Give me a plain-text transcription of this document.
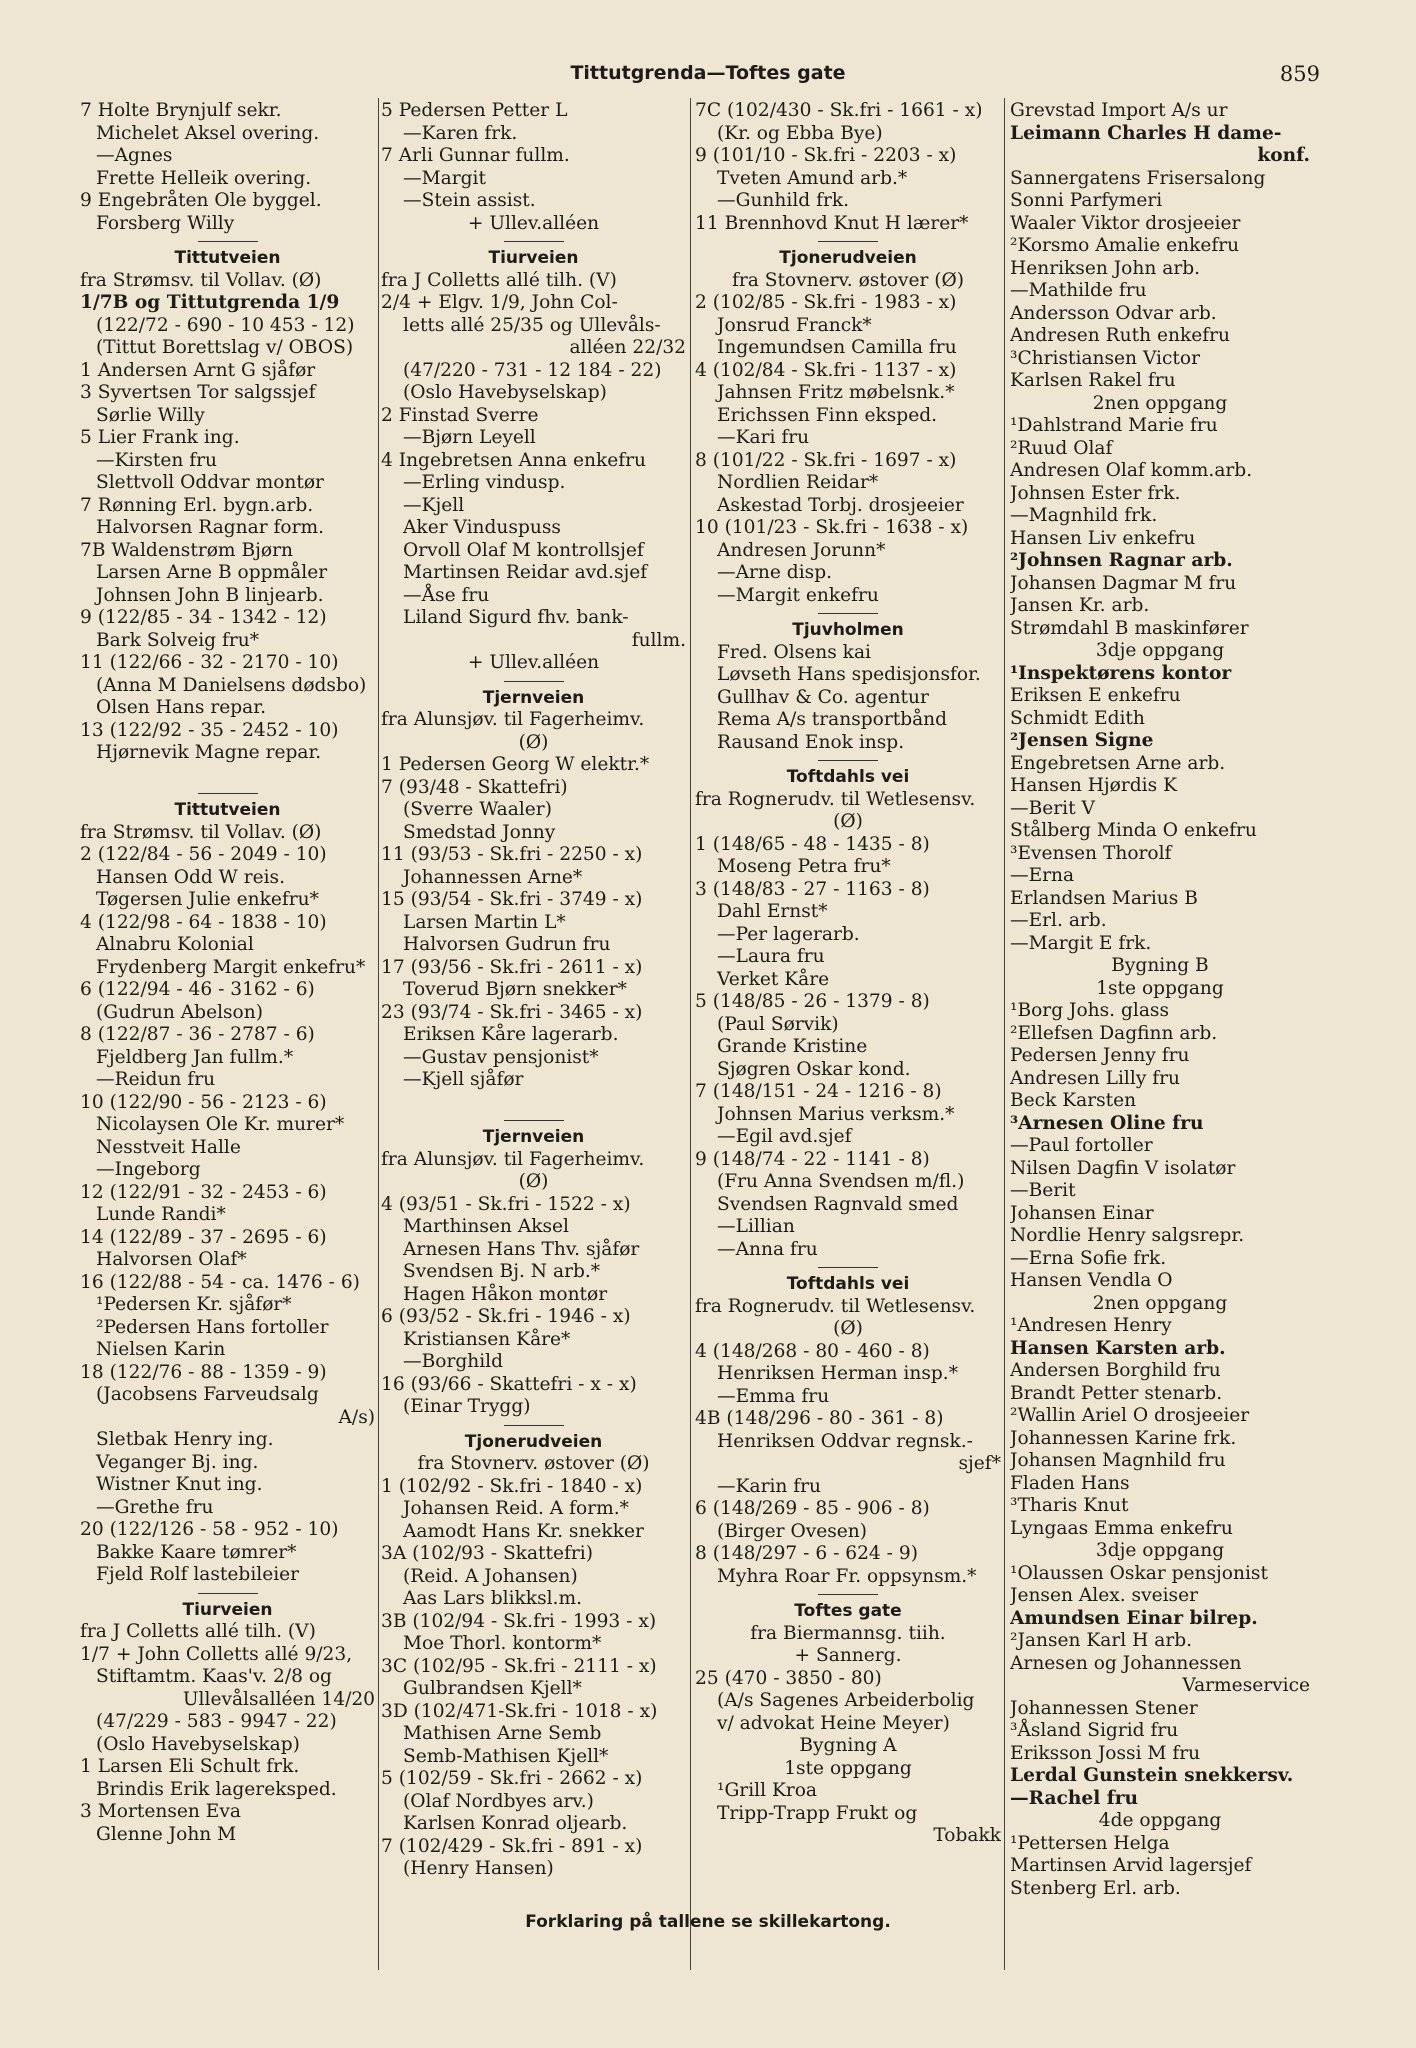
Tittutgrenda—Toftes gate	859
7 Holte Brynjulf sekr.
Michelet Aksel overing.
—Agnes
Frette Helleik overing.
9 Engebråten Ole byggel.
Forsberg Willy
Tittutveien
fra Strømsv. til Vollav. (Ø)
1/7B og Tittutgrenda 1/9
(122/72 - 690 - 10 453 - 12)
(Tittut Borettslag v/ OBOS)
1 Andersen Arnt G sjåfør
3 Syvertsen Tor salgssjef
Sørlie Willy
5 Lier Frank ing.
—Kirsten fru
Slettvoll Oddvar montør
7 Rønning Erl. bygn.arb.
Halvorsen Ragnar form.
7B Waldenstrøm Bjørn
Larsen Arne B oppmåler
Johnsen John B linjearb.
9 (122/85 - 34 - 1342 - 12)
Bark Solveig fru*
11 (122/66 - 32 - 2170 - 10)
(Anna M Danielsens dødsbo)
Olsen Hans repar.
13 (122/92 - 35 - 2452 - 10)
Hjørnevik Magne repar.
Tittutveien
fra Strømsv. til Vollav. (Ø)
2 (122/84 - 56 - 2049 - 10)
Hansen Odd W reis.
Tøgersen Julie enkefru*
4 (122/98 - 64 - 1838 - 10)
Alnabru Kolonial
Frydenberg Margit enkefru*
6 (122/94 - 46 - 3162 - 6)
(Gudrun Abelson)
8 (122/87 - 36 - 2787 - 6)
Fjeldberg Jan fullm.*
—Reidun fru
10 (122/90 - 56 - 2123 - 6)
Nicolaysen Ole Kr. murer*
Nesstveit Halle
—Ingeborg
12 (122/91 - 32 - 2453 - 6)
Lunde Randi*
14 (122/89 - 37 - 2695 - 6)
Halvorsen Olaf*
16 (122/88 - 54 - ca. 1476 - 6)
¹Pedersen Kr. sjåfør*
²Pedersen Hans fortoller
Nielsen Karin
18 (122/76 - 88 - 1359 - 9)
(Jacobsens Farveudsalg
A/s)
Sletbak Henry ing.
Veganger Bj. ing.
Wistner Knut ing.
—Grethe fru
20 (122/126 - 58 - 952 - 10)
Bakke Kaare tømrer*
Fjeld Rolf lastebileier
Tiurveien
fra J Colletts allé tilh. (V)
1/7 + John Colletts allé 9/23,
Stiftamtm. Kaas'v. 2/8 og
Ullevålsalléen 14/20
(47/229 - 583 - 9947 - 22)
(Oslo Havebyselskap)
1 Larsen Eli Schult frk.
Brindis Erik lagereksped.
3 Mortensen Eva
Glenne John M
5 Pedersen Petter L
—Karen frk.
7 Arli Gunnar fullm.
—Margit
—Stein assist.
+ Ullev.alléen
Tiurveien
fra J Colletts allé tilh. (V)
2/4 + Elgv. 1/9, John Col-
letts allé 25/35 og Ullevåls-
alléen 22/32
(47/220 - 731 - 12 184 - 22)
(Oslo Havebyselskap)
2 Finstad Sverre
—Bjørn Leyell
4 Ingebretsen Anna enkefru
—Erling vindusp.
—Kjell
Aker Vinduspuss
Orvoll Olaf M kontrollsjef
Martinsen Reidar avd.sjef
—Åse fru
Liland Sigurd fhv. bank-
fullm.
+ Ullev.alléen
Tjernveien
fra Alunsjøv. til Fagerheimv.
(Ø)
1 Pedersen Georg W elektr.*
7 (93/48 - Skattefri)
(Sverre Waaler)
Smedstad Jonny
11 (93/53 - Sk.fri - 2250 - x)
Johannessen Arne*
15 (93/54 - Sk.fri - 3749 - x)
Larsen Martin L*
Halvorsen Gudrun fru
17 (93/56 - Sk.fri - 2611 - x)
Toverud Bjørn snekker*
23 (93/74 - Sk.fri - 3465 - x)
Eriksen Kåre lagerarb.
—Gustav pensjonist*
—Kjell sjåfør
Tjernveien
fra Alunsjøv. til Fagerheimv.
(Ø)
4 (93/51 - Sk.fri - 1522 - x)
Marthinsen Aksel
Arnesen Hans Thv. sjåfør
Svendsen Bj. N arb.*
Hagen Håkon montør
6 (93/52 - Sk.fri - 1946 - x)
Kristiansen Kåre*
—Borghild
16 (93/66 - Skattefri - x - x)
(Einar Trygg)
Tjonerudveien
fra Stovnerv. østover (Ø)
1 (102/92 - Sk.fri - 1840 - x)
Johansen Reid. A form.*
Aamodt Hans Kr. snekker
3A (102/93 - Skattefri)
(Reid. A Johansen)
Aas Lars blikksl.m.
3B (102/94 - Sk.fri - 1993 - x)
Moe Thorl. kontorm*
3C (102/95 - Sk.fri - 2111 - x)
Gulbrandsen Kjell*
3D (102/471-Sk.fri - 1018 - x)
Mathisen Arne Semb
Semb-Mathisen Kjell*
5 (102/59 - Sk.fri - 2662 - x)
(Olaf Nordbyes arv.)
Karlsen Konrad oljearb.
7 (102/429 - Sk.fri - 891 - x)
(Henry Hansen)
7C (102/430 - Sk.fri - 1661 - x)
(Kr. og Ebba Bye)
9 (101/10 - Sk.fri - 2203 - x)
Tveten Amund arb.*
—Gunhild frk.
11 Brennhovd Knut H lærer*
Tjonerudveien
fra Stovnerv. østover (Ø)
2 (102/85 - Sk.fri - 1983 - x)
Jonsrud Franck*
Ingemundsen Camilla fru
4 (102/84 - Sk.fri - 1137 - x)
Jahnsen Fritz møbelsnk.*
Erichssen Finn eksped.
—Kari fru
8 (101/22 - Sk.fri - 1697 - x)
Nordlien Reidar*
Askestad Torbj. drosjeeier
10 (101/23 - Sk.fri - 1638 - x)
Andresen Jorunn*
—Arne disp.
—Margit enkefru
Tjuvholmen
Fred. Olsens kai
Løvseth Hans spedisjonsfor.
Gullhav & Co. agentur
Rema A/s transportbånd
Rausand Enok insp.
Toftdahls vei
fra Rognerudv. til Wetlesensv.
(Ø)
1 (148/65 - 48 - 1435 - 8)
Moseng Petra fru*
3 (148/83 - 27 - 1163 - 8)
Dahl Ernst*
—Per lagerarb.
—Laura fru
Verket Kåre
5 (148/85 - 26 - 1379 - 8)
(Paul Sørvik)
Grande Kristine
Sjøgren Oskar kond.
7 (148/151 - 24 - 1216 - 8)
Johnsen Marius verksm.*
—Egil avd.sjef
9 (148/74 - 22 - 1141 - 8)
(Fru Anna Svendsen m/fl.)
Svendsen Ragnvald smed
—Lillian
—Anna fru
Toftdahls vei
fra Rognerudv. til Wetlesensv.
(Ø)
4 (148/268 - 80 - 460 - 8)
Henriksen Herman insp.*
—Emma fru
4B (148/296 - 80 - 361 - 8)
Henriksen Oddvar regnsk.-
sjef*
—Karin fru
6 (148/269 - 85 - 906 - 8)
(Birger Ovesen)
8 (148/297 - 6 - 624 - 9)
Myhra Roar Fr. oppsynsm.*
Toftes gate
fra Biermannsg. tiih.
+ Sannerg.
25 (470 - 3850 - 80)
(A/s Sagenes Arbeiderbolig
v/ advokat Heine Meyer)
Bygning A
1ste oppgang
¹Grill Kroa
Tripp-Trapp Frukt og
Tobakk
Grevstad Import A/s ur
Leimann Charles H dame-
konf.
Sannergatens Frisersalong
Sonni Parfymeri
Waaler Viktor drosjeeier
²Korsmo Amalie enkefru
Henriksen John arb.
—Mathilde fru
Andersson Odvar arb.
Andresen Ruth enkefru
³Christiansen Victor
Karlsen Rakel fru
2nen oppgang
¹Dahlstrand Marie fru
²Ruud Olaf
Andresen Olaf komm.arb.
Johnsen Ester frk.
—Magnhild frk.
Hansen Liv enkefru
²Johnsen Ragnar arb.
Johansen Dagmar M fru
Jansen Kr. arb.
Strømdahl B maskinfører
3dje oppgang
¹Inspektørens kontor
Eriksen E enkefru
Schmidt Edith
²Jensen Signe
Engebretsen Arne arb.
Hansen Hjørdis K
—Berit V
Stålberg Minda O enkefru
³Evensen Thorolf
—Erna
Erlandsen Marius B
—Erl. arb.
—Margit E frk.
Bygning B
1ste oppgang
¹Borg Johs. glass
²Ellefsen Dagfinn arb.
Pedersen Jenny fru
Andresen Lilly fru
Beck Karsten
³Arnesen Oline fru
—Paul fortoller
Nilsen Dagfin V isolatør
—Berit
Johansen Einar
Nordlie Henry salgsrepr.
—Erna Sofie frk.
Hansen Vendla O
2nen oppgang
¹Andresen Henry
Hansen Karsten arb.
Andersen Borghild fru
Brandt Petter stenarb.
²Wallin Ariel O drosjeeier
Johannessen Karine frk.
Johansen Magnhild fru
Fladen Hans
³Tharis Knut
Lyngaas Emma enkefru
3dje oppgang
¹Olaussen Oskar pensjonist
Jensen Alex. sveiser
Amundsen Einar bilrep.
²Jansen Karl H arb.
Arnesen og Johannessen
Varmeservice
Johannessen Stener
³Åsland Sigrid fru
Eriksson Jossi M fru
Lerdal Gunstein snekkersv.
—Rachel fru
4de oppgang
¹Pettersen Helga
Martinsen Arvid lagersjef
Stenberg Erl. arb.
Forklaring på tallene se skillekartong.
